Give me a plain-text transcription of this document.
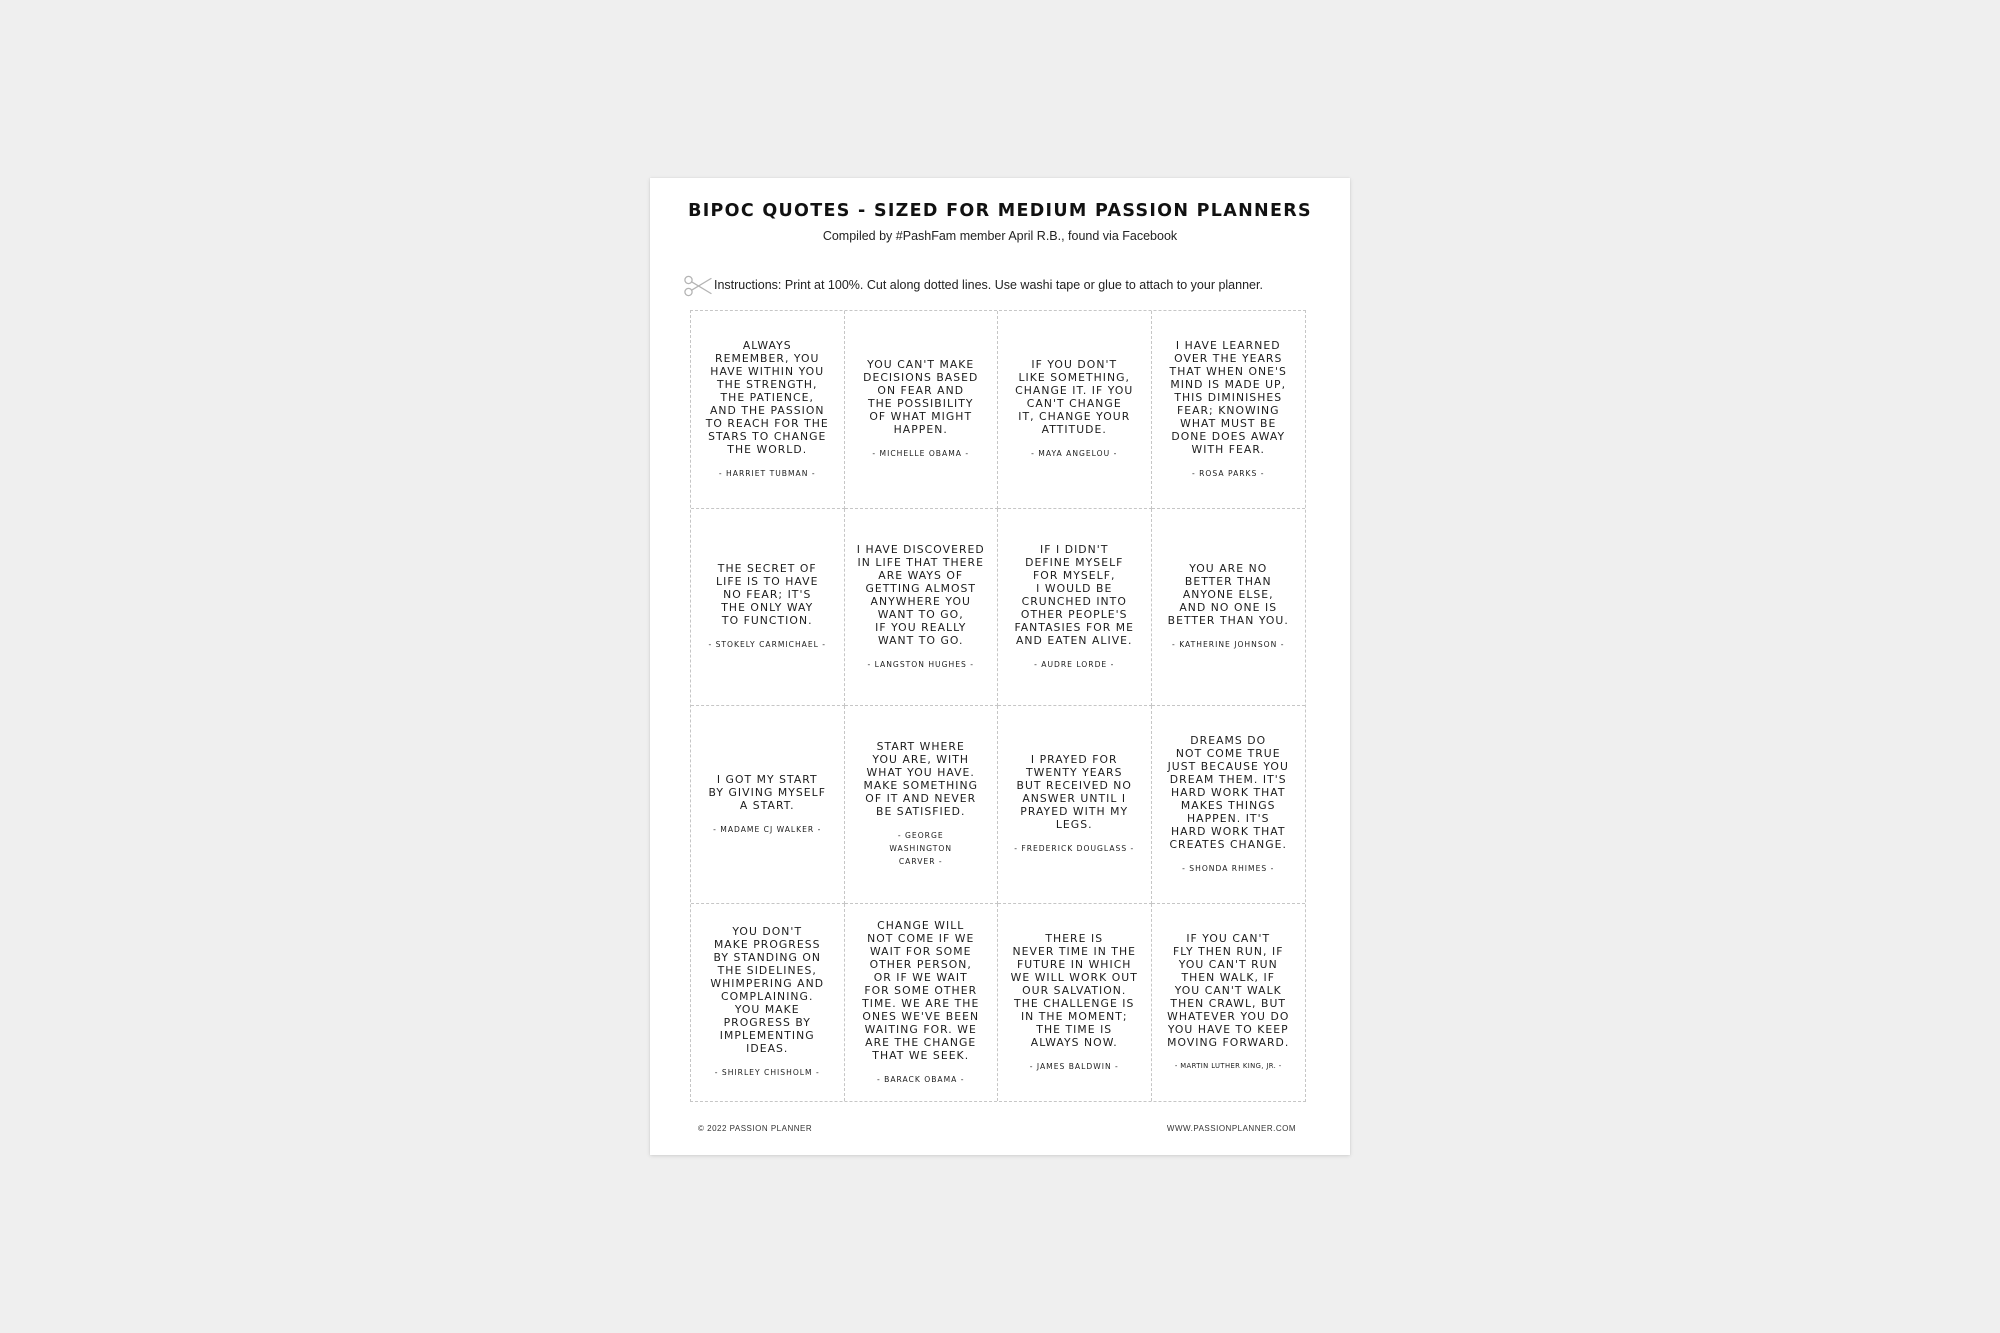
BIPOC QUOTES - SIZED FOR MEDIUM PASSION PLANNERS
Compiled by #PashFam member April R.B., found via Facebook
Instructions: Print at 100%. Cut along dotted lines. Use washi tape or glue to attach to your planner.
ALWAYS
REMEMBER, YOU
HAVE WITHIN YOU
THE STRENGTH,
THE PATIENCE,
AND THE PASSION
TO REACH FOR THE
STARS TO CHANGE
THE WORLD.
- HARRIET TUBMAN -
YOU CAN'T MAKE
DECISIONS BASED
ON FEAR AND
THE POSSIBILITY
OF WHAT MIGHT
HAPPEN.
- MICHELLE OBAMA -
IF YOU DON'T
LIKE SOMETHING,
CHANGE IT. IF YOU
CAN'T CHANGE
IT, CHANGE YOUR
ATTITUDE.
- MAYA ANGELOU -
I HAVE LEARNED
OVER THE YEARS
THAT WHEN ONE'S
MIND IS MADE UP,
THIS DIMINISHES
FEAR; KNOWING
WHAT MUST BE
DONE DOES AWAY
WITH FEAR.
- ROSA PARKS -
THE SECRET OF
LIFE IS TO HAVE
NO FEAR; IT'S
THE ONLY WAY
TO FUNCTION.
- STOKELY CARMICHAEL -
I HAVE DISCOVERED
IN LIFE THAT THERE
ARE WAYS OF
GETTING ALMOST
ANYWHERE YOU
WANT TO GO,
IF YOU REALLY
WANT TO GO.
- LANGSTON HUGHES -
IF I DIDN'T
DEFINE MYSELF
FOR MYSELF,
I WOULD BE
CRUNCHED INTO
OTHER PEOPLE'S
FANTASIES FOR ME
AND EATEN ALIVE.
- AUDRE LORDE -
YOU ARE NO
BETTER THAN
ANYONE ELSE,
AND NO ONE IS
BETTER THAN YOU.
- KATHERINE JOHNSON -
I GOT MY START
BY GIVING MYSELF
A START.
- MADAME CJ WALKER -
START WHERE
YOU ARE, WITH
WHAT YOU HAVE.
MAKE SOMETHING
OF IT AND NEVER
BE SATISFIED.
- GEORGE
WASHINGTON
CARVER -
I PRAYED FOR
TWENTY YEARS
BUT RECEIVED NO
ANSWER UNTIL I
PRAYED WITH MY
LEGS.
- FREDERICK DOUGLASS -
DREAMS DO
NOT COME TRUE
JUST BECAUSE YOU
DREAM THEM. IT'S
HARD WORK THAT
MAKES THINGS
HAPPEN. IT'S
HARD WORK THAT
CREATES CHANGE.
- SHONDA RHIMES -
YOU DON'T
MAKE PROGRESS
BY STANDING ON
THE SIDELINES,
WHIMPERING AND
COMPLAINING.
YOU MAKE
PROGRESS BY
IMPLEMENTING
IDEAS.
- SHIRLEY CHISHOLM -
CHANGE WILL
NOT COME IF WE
WAIT FOR SOME
OTHER PERSON,
OR IF WE WAIT
FOR SOME OTHER
TIME. WE ARE THE
ONES WE'VE BEEN
WAITING FOR. WE
ARE THE CHANGE
THAT WE SEEK.
- BARACK OBAMA -
THERE IS
NEVER TIME IN THE
FUTURE IN WHICH
WE WILL WORK OUT
OUR SALVATION.
THE CHALLENGE IS
IN THE MOMENT;
THE TIME IS
ALWAYS NOW.
- JAMES BALDWIN -
IF YOU CAN'T
FLY THEN RUN, IF
YOU CAN'T RUN
THEN WALK, IF
YOU CAN'T WALK
THEN CRAWL, BUT
WHATEVER YOU DO
YOU HAVE TO KEEP
MOVING FORWARD.
- MARTIN LUTHER KING, JR. -
© 2022 PASSION PLANNER	WWW.PASSIONPLANNER.COM
